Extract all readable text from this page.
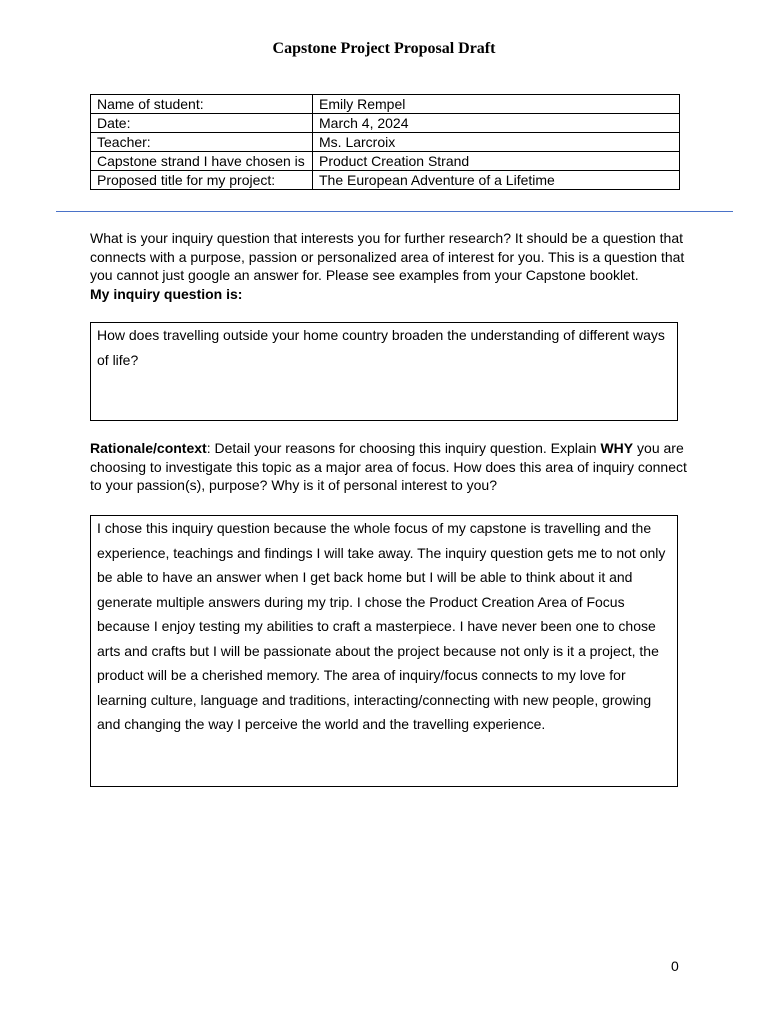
Capstone Project Proposal Draft
Name of student:	Emily Rempel
Date:	March 4, 2024
Teacher:	Ms. Larcroix
Capstone strand I have chosen is	Product Creation Strand
Proposed title for my project:	The European Adventure of a Lifetime
What is your inquiry question that interests you for further research? It should be a question that connects with a purpose, passion or personalized area of interest for you. This is a question that you cannot just google an answer for. Please see examples from your Capstone booklet.
My inquiry question is:
How does travelling outside your home country broaden the understanding of different ways of life?
Rationale/context: Detail your reasons for choosing this inquiry question. Explain WHY you are choosing to investigate this topic as a major area of focus. How does this area of inquiry connect to your passion(s), purpose? Why is it of personal interest to you?
I chose this inquiry question because the whole focus of my capstone is travelling and the experience, teachings and findings I will take away. The inquiry question gets me to not only be able to have an answer when I get back home but I will be able to think about it and generate multiple answers during my trip. I chose the Product Creation Area of Focus because I enjoy testing my abilities to craft a masterpiece. I have never been one to chose arts and crafts but I will be passionate about the project because not only is it a project, the product will be a cherished memory. The area of inquiry/focus connects to my love for learning culture, language and traditions, interacting/connecting with new people, growing and changing the way I perceive the world and the travelling experience.
0
